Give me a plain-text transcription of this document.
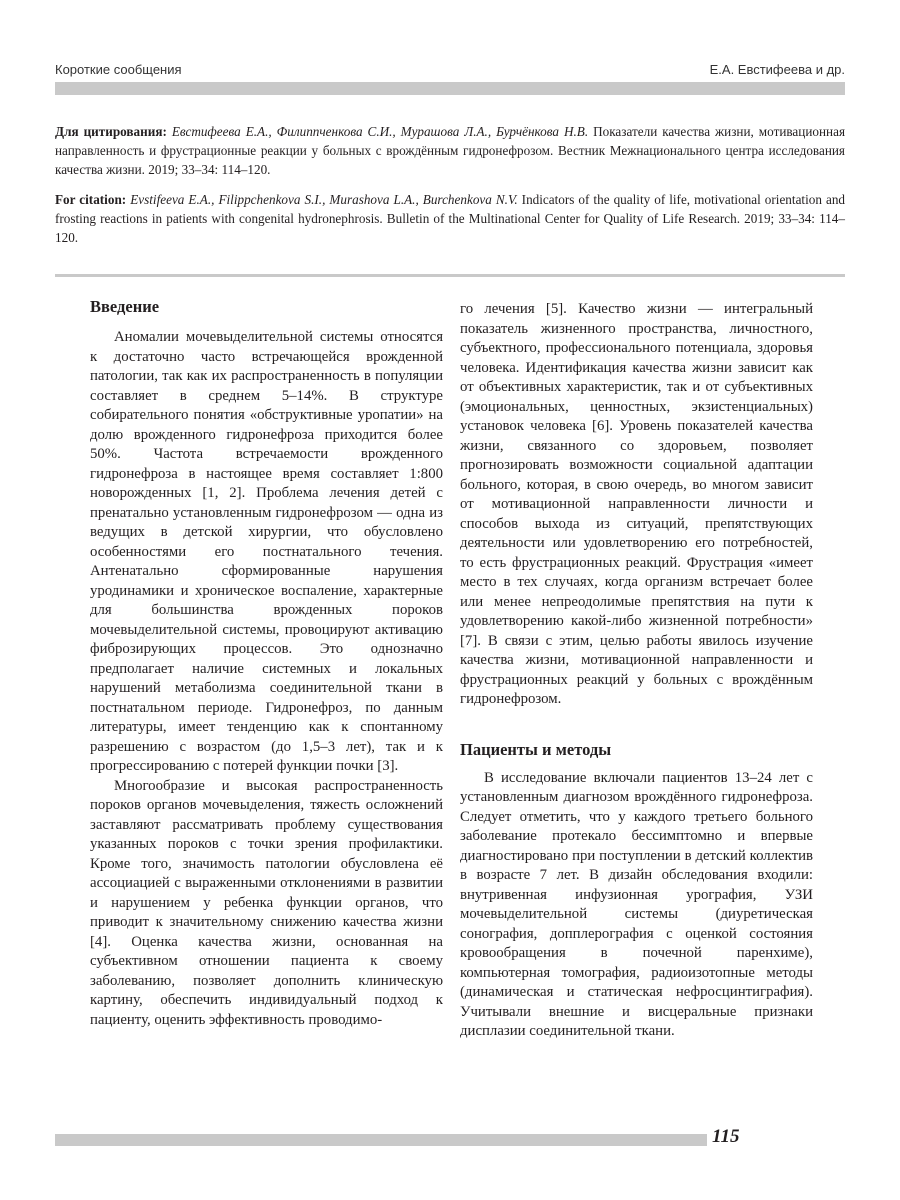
Короткие сообщения	Е.А. Евстифеева и др.
Для цитирования: Евстифеева Е.А., Филиппченкова С.И., Мурашова Л.А., Бурчёнкова Н.В. Показатели качества жизни, мотивационная направленность и фрустрационные реакции у больных с врождённым гидронефрозом. Вестник Межнационального центра исследования качества жизни. 2019; 33–34: 114–120.
For citation: Evstifeeva E.A., Filippchenkova S.I., Murashova L.A., Burchenkova N.V. Indicators of the quality of life, motivational orientation and frosting reactions in patients with congenital hydronephrosis. Bulletin of the Multinational Center for Quality of Life Research. 2019; 33–34: 114–120.
Введение

Аномалии мочевыделительной системы относятся к достаточно часто встречающейся врожденной патологии, так как их распространенность в популяции составляет в среднем 5–14%. В структуре собирательного понятия «обструктивные уропатии» на долю врожденного гидронефроза приходится более 50%. Частота встречаемости врожденного гидронефроза в настоящее время составляет 1:800 новорожденных [1, 2]. Проблема лечения детей с пренатально установленным гидронефрозом — одна из ведущих в детской хирургии, что обусловлено особенностями его постнатального течения. Антенатально сформированные нарушения уродинамики и хроническое воспаление, характерные для большинства врожденных пороков мочевыделительной системы, провоцируют активацию фиброзирующих процессов. Это однозначно предполагает наличие системных и локальных нарушений метаболизма соединительной ткани в постнатальном периоде. Гидронефроз, по данным литературы, имеет тенденцию как к спонтанному разрешению с возрастом (до 1,5–3 лет), так и к прогрессированию с потерей функции почки [3].

Многообразие и высокая распространенность пороков органов мочевыделения, тяжесть осложнений заставляют рассматривать проблему существования указанных пороков с точки зрения профилактики. Кроме того, значимость патологии обусловлена её ассоциацией с выраженными отклонениями в развитии и нарушением у ребенка функции органов, что приводит к значительному снижению качества жизни [4]. Оценка качества жизни, основанная на субъективном отношении пациента к своему заболеванию, позволяет дополнить клиническую картину, обеспечить индивидуальный подход к пациенту, оценить эффективность проводимо-

го лечения [5]. Качество жизни — интегральный показатель жизненного пространства, личностного, субъектного, профессионального потенциала, здоровья человека. Идентификация качества жизни зависит как от объективных характеристик, так и от субъективных (эмоциональных, ценностных, экзистенциальных) установок человека [6]. Уровень показателей качества жизни, связанного со здоровьем, позволяет прогнозировать возможности социальной адаптации больного, которая, в свою очередь, во многом зависит от мотивационной направленности личности и способов выхода из ситуаций, препятствующих деятельности или удовлетворению его потребностей, то есть фрустрационных реакций. Фрустрация «имеет место в тех случаях, когда организм встречает более или менее непреодолимые препятствия на пути к удовлетворению какой-либо жизненной потребности» [7]. В связи с этим, целью работы явилось изучение качества жизни, мотивационной направленности и фрустрационных реакций у больных с врождённым гидронефрозом.

Пациенты и методы

В исследование включали пациентов 13–24 лет с установленным диагнозом врождённого гидронефроза. Следует отметить, что у каждого третьего больного заболевание протекало бессимптомно и впервые диагностировано при поступлении в детский коллектив в возрасте 7 лет. В дизайн обследования входили: внутривенная инфузионная урография, УЗИ мочевыделительной системы (диуретическая сонография, допплерография с оценкой состояния кровообращения в почечной паренхиме), компьютерная томография, радиоизотопные методы (динамическая и статическая нефросцинтиграфия). Учитывали внешние и висцеральные признаки дисплазии соединительной ткани.

115
